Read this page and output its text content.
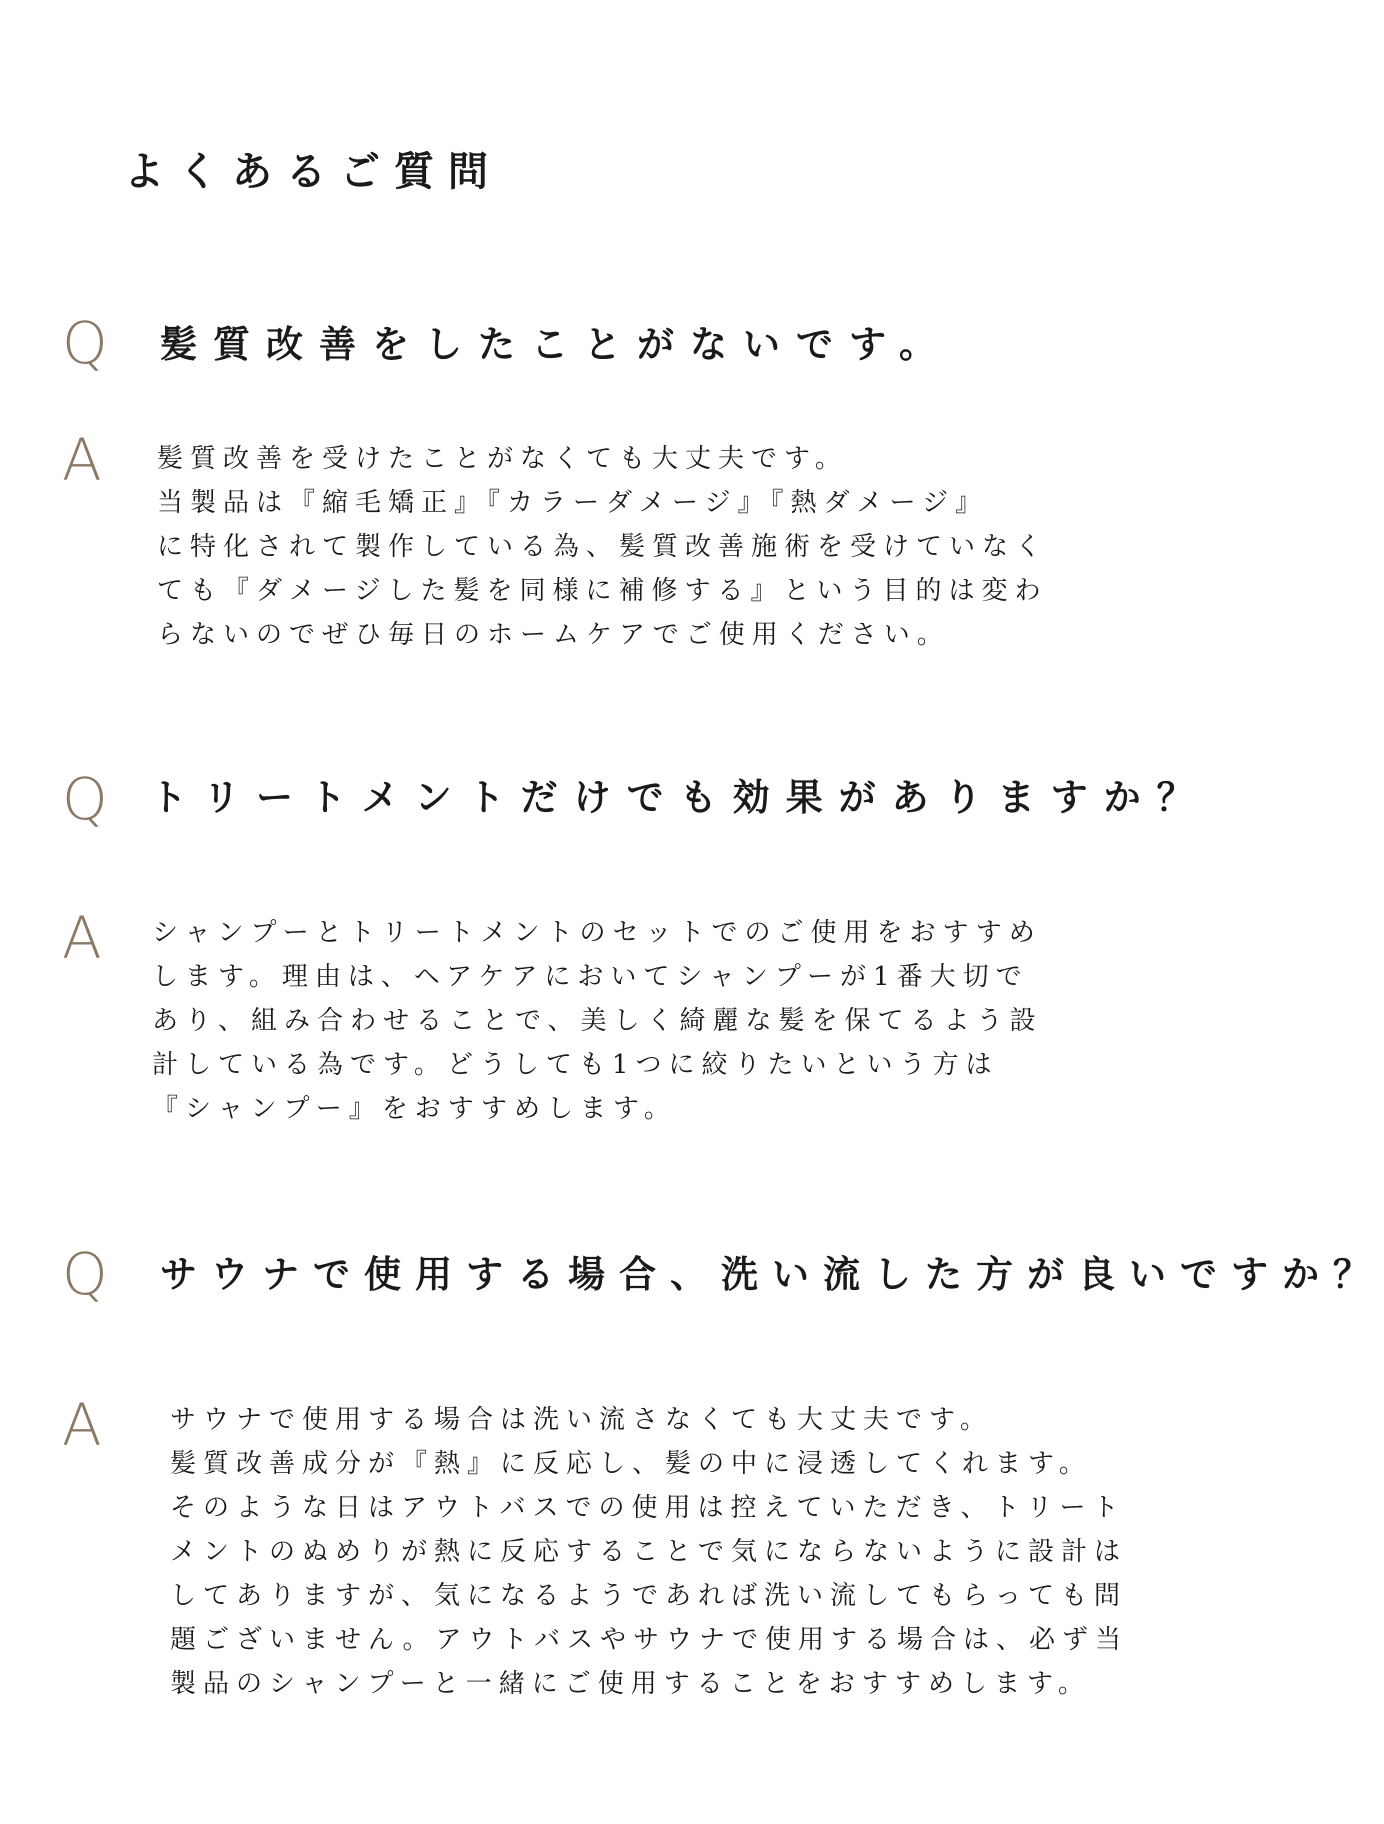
よくあるご質問
Q 髪質改善をしたことがないです。
A 髪質改善を受けたことがなくても大丈夫です。
当製品は『縮毛矯正』『カラーダメージ』『熱ダメージ』
に特化されて製作している為、髪質改善施術を受けていなく
ても『ダメージした髪を同様に補修する』という目的は変わ
らないのでぜひ毎日のホームケアでご使用ください。
Q トリートメントだけでも効果がありますか？
A シャンプーとトリートメントのセットでのご使用をおすすめ
します。理由は、ヘアケアにおいてシャンプーが1番大切で
あり、組み合わせることで、美しく綺麗な髪を保てるよう設
計している為です。どうしても1つに絞りたいという方は
『シャンプー』をおすすめします。
Q サウナで使用する場合、洗い流した方が良いですか？
A	サウナで使用する場合は洗い流さなくても大丈夫です。
髪質改善成分が『熱』に反応し、髪の中に浸透してくれます。
そのような日はアウトバスでの使用は控えていただき、トリート
メントのぬめりが熱に反応することで気にならないように設計は
してありますが、気になるようであれば洗い流してもらっても問
題ございません。アウトバスやサウナで使用する場合は、必ず当
製品のシャンプーと一緒にご使用することをおすすめします。
